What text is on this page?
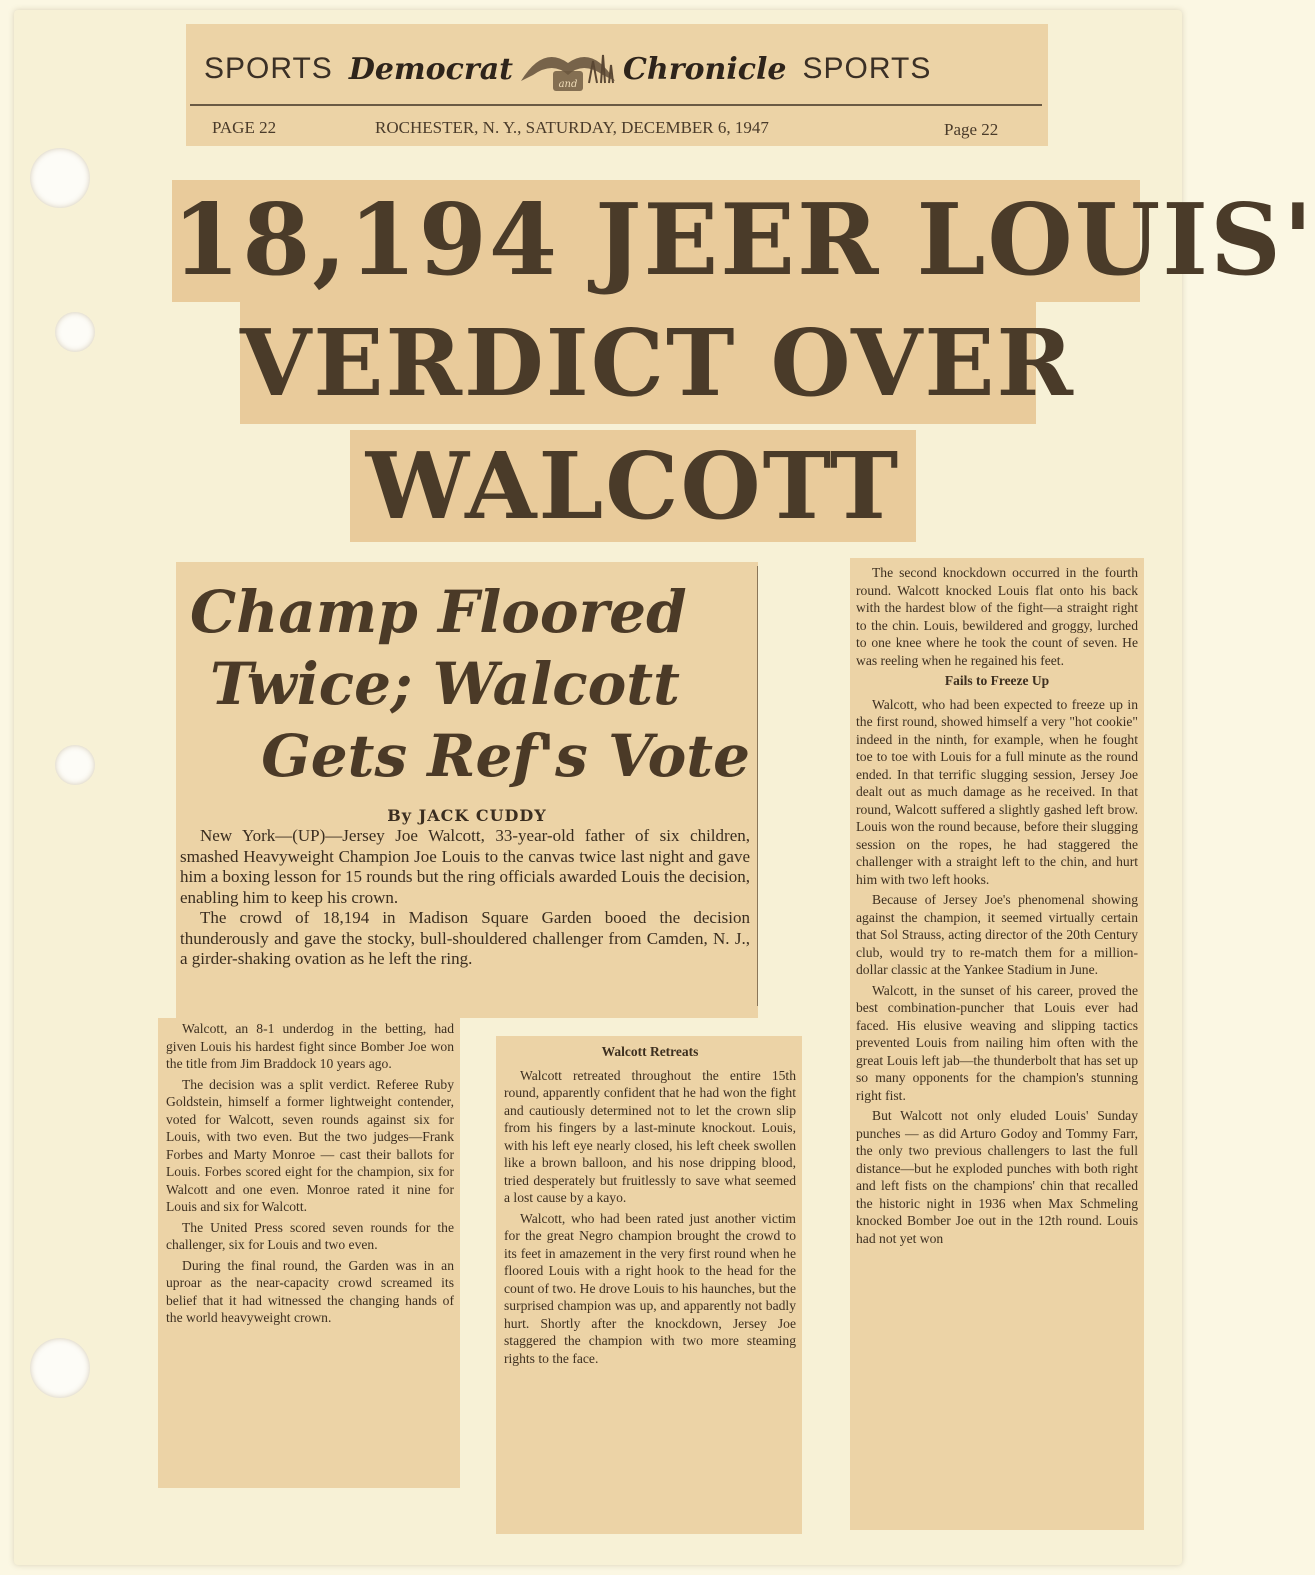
SPORTS Democrat	and Chronicle SPORTS
PAGE 22	ROCHESTER, N. Y., SATURDAY, DECEMBER 6, 1947	Page 22
18,194 JEER LOUIS'
VERDICT OVER
WALCOTT
Champ Floored
Twice; Walcott
Gets Ref's Vote
By JACK CUDDY

New York—(UP)—Jersey Joe Walcott, 33-year-old father of six children, smashed Heavyweight Champion Joe Louis to the canvas twice last night and gave him a boxing lesson for 15 rounds but the ring officials awarded Louis the decision, enabling him to keep his crown.

The crowd of 18,194 in Madison Square Garden booed the decision thunderously and gave the stocky, bull-shouldered challenger from Camden, N. J., a girder-shaking ovation as he left the ring.

Walcott, an 8-1 underdog in the betting, had given Louis his hardest fight since Bomber Joe won the title from Jim Braddock 10 years ago.

The decision was a split verdict. Referee Ruby Goldstein, himself a former lightweight contender, voted for Walcott, seven rounds against six for Louis, with two even. But the two judges—Frank Forbes and Marty Monroe — cast their ballots for Louis. Forbes scored eight for the champion, six for Walcott and one even. Monroe rated it nine for Louis and six for Walcott.

The United Press scored seven rounds for the challenger, six for Louis and two even.

During the final round, the Garden was in an uproar as the near-capacity crowd screamed its belief that it had witnessed the changing hands of the world heavyweight crown.

Walcott Retreats

Walcott retreated throughout the entire 15th round, apparently confident that he had won the fight and cautiously determined not to let the crown slip from his fingers by a last-minute knockout. Louis, with his left eye nearly closed, his left cheek swollen like a brown balloon, and his nose dripping blood, tried desperately but fruitlessly to save what seemed a lost cause by a kayo.

Walcott, who had been rated just another victim for the great Negro champion brought the crowd to its feet in amazement in the very first round when he floored Louis with a right hook to the head for the count of two. He drove Louis to his haunches, but the surprised champion was up, and apparently not badly hurt. Shortly after the knockdown, Jersey Joe staggered the champion with two more steaming rights to the face.

The second knockdown occurred in the fourth round. Walcott knocked Louis flat onto his back with the hardest blow of the fight—a straight right to the chin. Louis, bewildered and groggy, lurched to one knee where he took the count of seven. He was reeling when he regained his feet.

Fails to Freeze Up

Walcott, who had been expected to freeze up in the first round, showed himself a very "hot cookie" indeed in the ninth, for example, when he fought toe to toe with Louis for a full minute as the round ended. In that terrific slugging session, Jersey Joe dealt out as much damage as he received. In that round, Walcott suffered a slightly gashed left brow. Louis won the round because, before their slugging session on the ropes, he had staggered the challenger with a straight left to the chin, and hurt him with two left hooks.

Because of Jersey Joe's phenomenal showing against the champion, it seemed virtually certain that Sol Strauss, acting director of the 20th Century club, would try to re-match them for a million-dollar classic at the Yankee Stadium in June.

Walcott, in the sunset of his career, proved the best combination-puncher that Louis ever had faced. His elusive weaving and slipping tactics prevented Louis from nailing him often with the great Louis left jab—the thunderbolt that has set up so many opponents for the champion's stunning right fist.

But Walcott not only eluded Louis' Sunday punches — as did Arturo Godoy and Tommy Farr, the only two previous challengers to last the full distance—but he exploded punches with both right and left fists on the champions' chin that recalled the historic night in 1936 when Max Schmeling knocked Bomber Joe out in the 12th round. Louis had not yet won
